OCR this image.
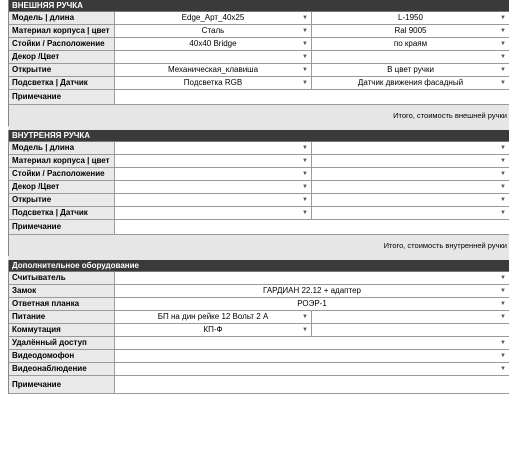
ВНЕШНЯЯ РУЧКА
Модель | длина	Edge_Арт_40х25	▼	L-1950	▼
Материал корпуса | цвет	Сталь	▼	Ral 9005	▼
Стойки / Расположение	40х40 Bridge	▼	по краям	▼
Декор /Цвет	▼	▼
Открытие	Механическая_клавиша	▼	В цвет ручки	▼
Подсветка | Датчик	Подсветка RGB	▼	Датчик движения фасадный	▼
Примечание
Итого, стоимость внешней ручки
ВНУТРЕНЯЯ РУЧКА
Модель | длина	▼	▼
Материал корпуса | цвет	▼	▼
Стойки / Расположение	▼	▼
Декор /Цвет	▼	▼
Открытие	▼	▼
Подсветка | Датчик	▼	▼
Примечание
Итого, стоимость внутренней ручки
Дополнительное оборудование
Считыватель	▼
Замок	ГАРДИАН 22.12 + адаптер	▼
Ответная планка	РОЭР-1	▼
Питание	БП на дин рейке 12 Вольт 2 А	▼	▼
Коммутация	КП-Ф	▼
Удалённый доступ	▼
Видеодомофон	▼
Видеонаблюдение	▼
Примечание
